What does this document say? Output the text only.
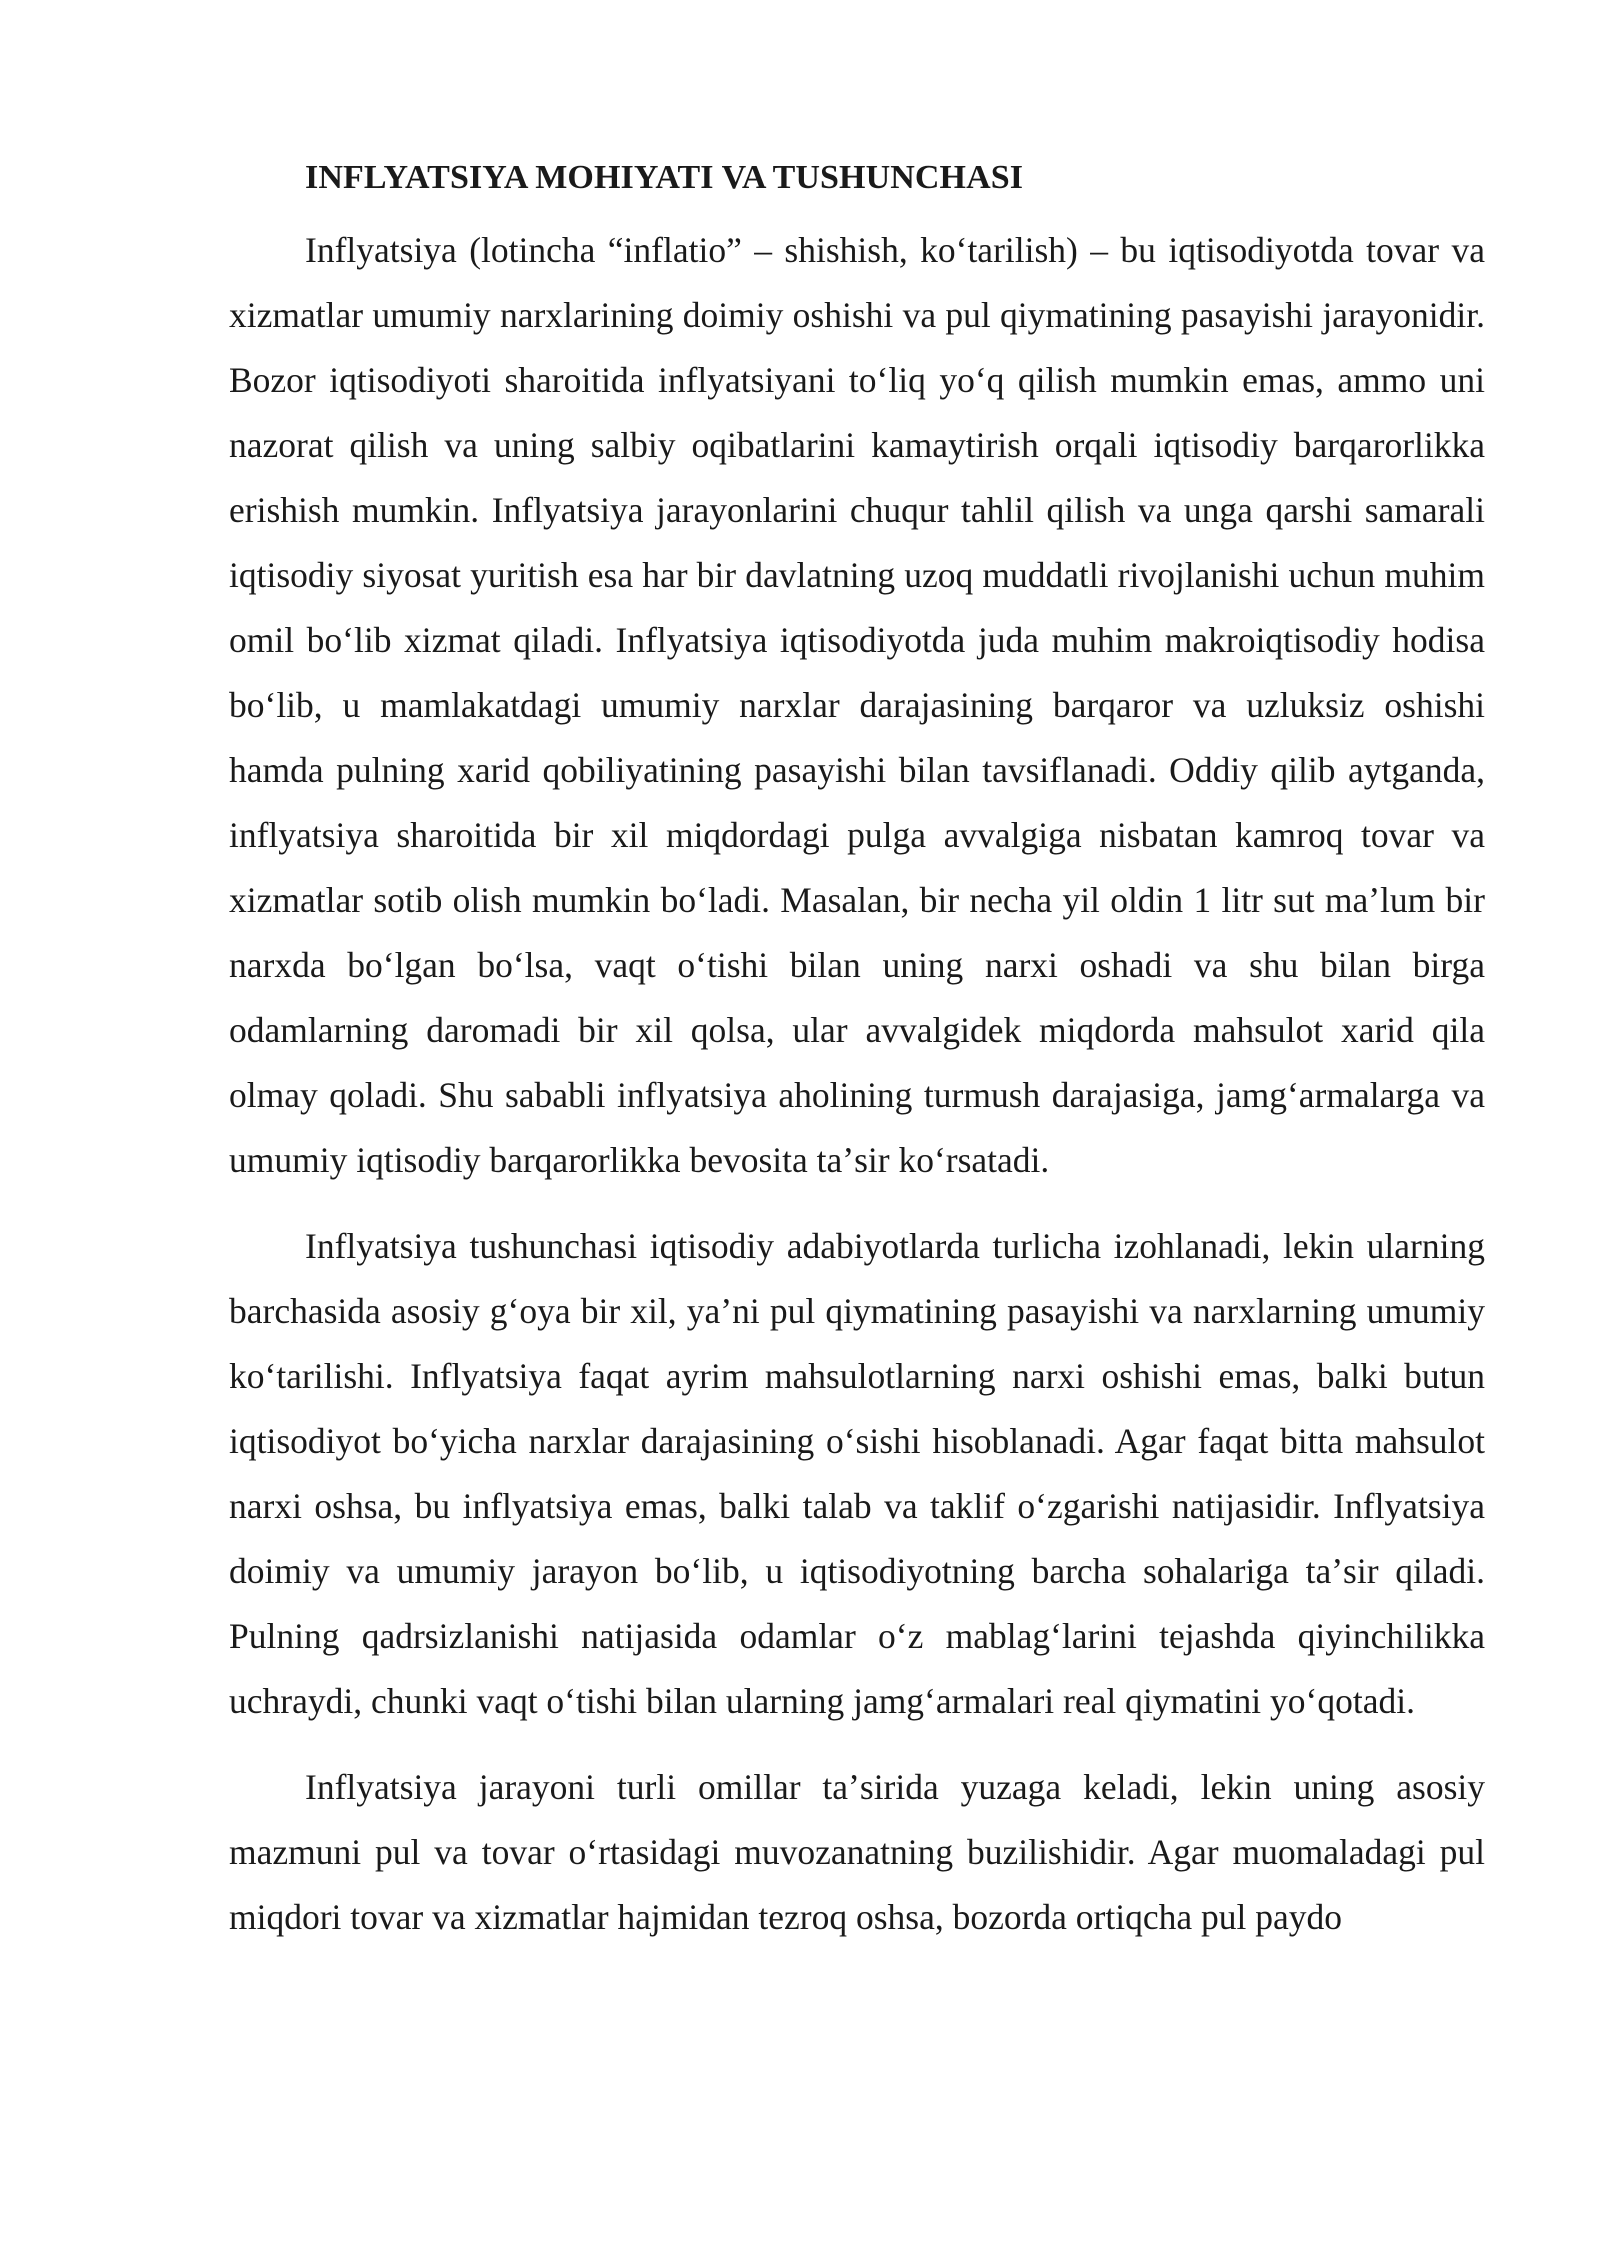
INFLYATSIYA MOHIYATI VA TUSHUNCHASI

Inflyatsiya (lotincha “inflatio” – shishish, koʻtarilish) – bu iqtisodiyotda tovar va xizmatlar umumiy narxlarining doimiy oshishi va pul qiymatining pasayishi jarayonidir. Bozor iqtisodiyoti sharoitida inflyatsiyani toʻliq yoʻq qilish mumkin emas, ammo uni nazorat qilish va uning salbiy oqibatlarini kamaytirish orqali iqtisodiy barqarorlikka erishish mumkin. Inflyatsiya jarayonlarini chuqur tahlil qilish va unga qarshi samarali iqtisodiy siyosat yuritish esa har bir davlatning uzoq muddatli rivojlanishi uchun muhim omil boʻlib xizmat qiladi. Inflyatsiya iqtisodiyotda juda muhim makroiqtisodiy hodisa boʻlib, u mamlakatdagi umumiy narxlar darajasining barqaror va uzluksiz oshishi hamda pulning xarid qobiliyatining pasayishi bilan tavsiflanadi. Oddiy qilib aytganda, inflyatsiya sharoitida bir xil miqdordagi pulga avvalgiga nisbatan kamroq tovar va xizmatlar sotib olish mumkin boʻladi. Masalan, bir necha yil oldin 1 litr sut maʼlum bir narxda boʻlgan boʻlsa, vaqt oʻtishi bilan uning narxi oshadi va shu bilan birga odamlarning daromadi bir xil qolsa, ular avvalgidek miqdorda mahsulot xarid qila olmay qoladi. Shu sababli inflyatsiya aholining turmush darajasiga, jamgʻarmalarga va umumiy iqtisodiy barqarorlikka bevosita taʼsir koʻrsatadi.

Inflyatsiya tushunchasi iqtisodiy adabiyotlarda turlicha izohlanadi, lekin ularning barchasida asosiy gʻoya bir xil, yaʼni pul qiymatining pasayishi va narxlarning umumiy koʻtarilishi. Inflyatsiya faqat ayrim mahsulotlarning narxi oshishi emas, balki butun iqtisodiyot boʻyicha narxlar darajasining oʻsishi hisoblanadi. Agar faqat bitta mahsulot narxi oshsa, bu inflyatsiya emas, balki talab va taklif oʻzgarishi natijasidir. Inflyatsiya doimiy va umumiy jarayon boʻlib, u iqtisodiyotning barcha sohalariga taʼsir qiladi. Pulning qadrsizlanishi natijasida odamlar oʻz mablagʻlarini tejashda qiyinchilikka uchraydi, chunki vaqt oʻtishi bilan ularning jamgʻarmalari real qiymatini yoʻqotadi.

Inflyatsiya jarayoni turli omillar taʼsirida yuzaga keladi, lekin uning asosiy mazmuni pul va tovar oʻrtasidagi muvozanatning buzilishidir. Agar muomaladagi pul miqdori tovar va xizmatlar hajmidan tezroq oshsa, bozorda ortiqcha pul paydo
